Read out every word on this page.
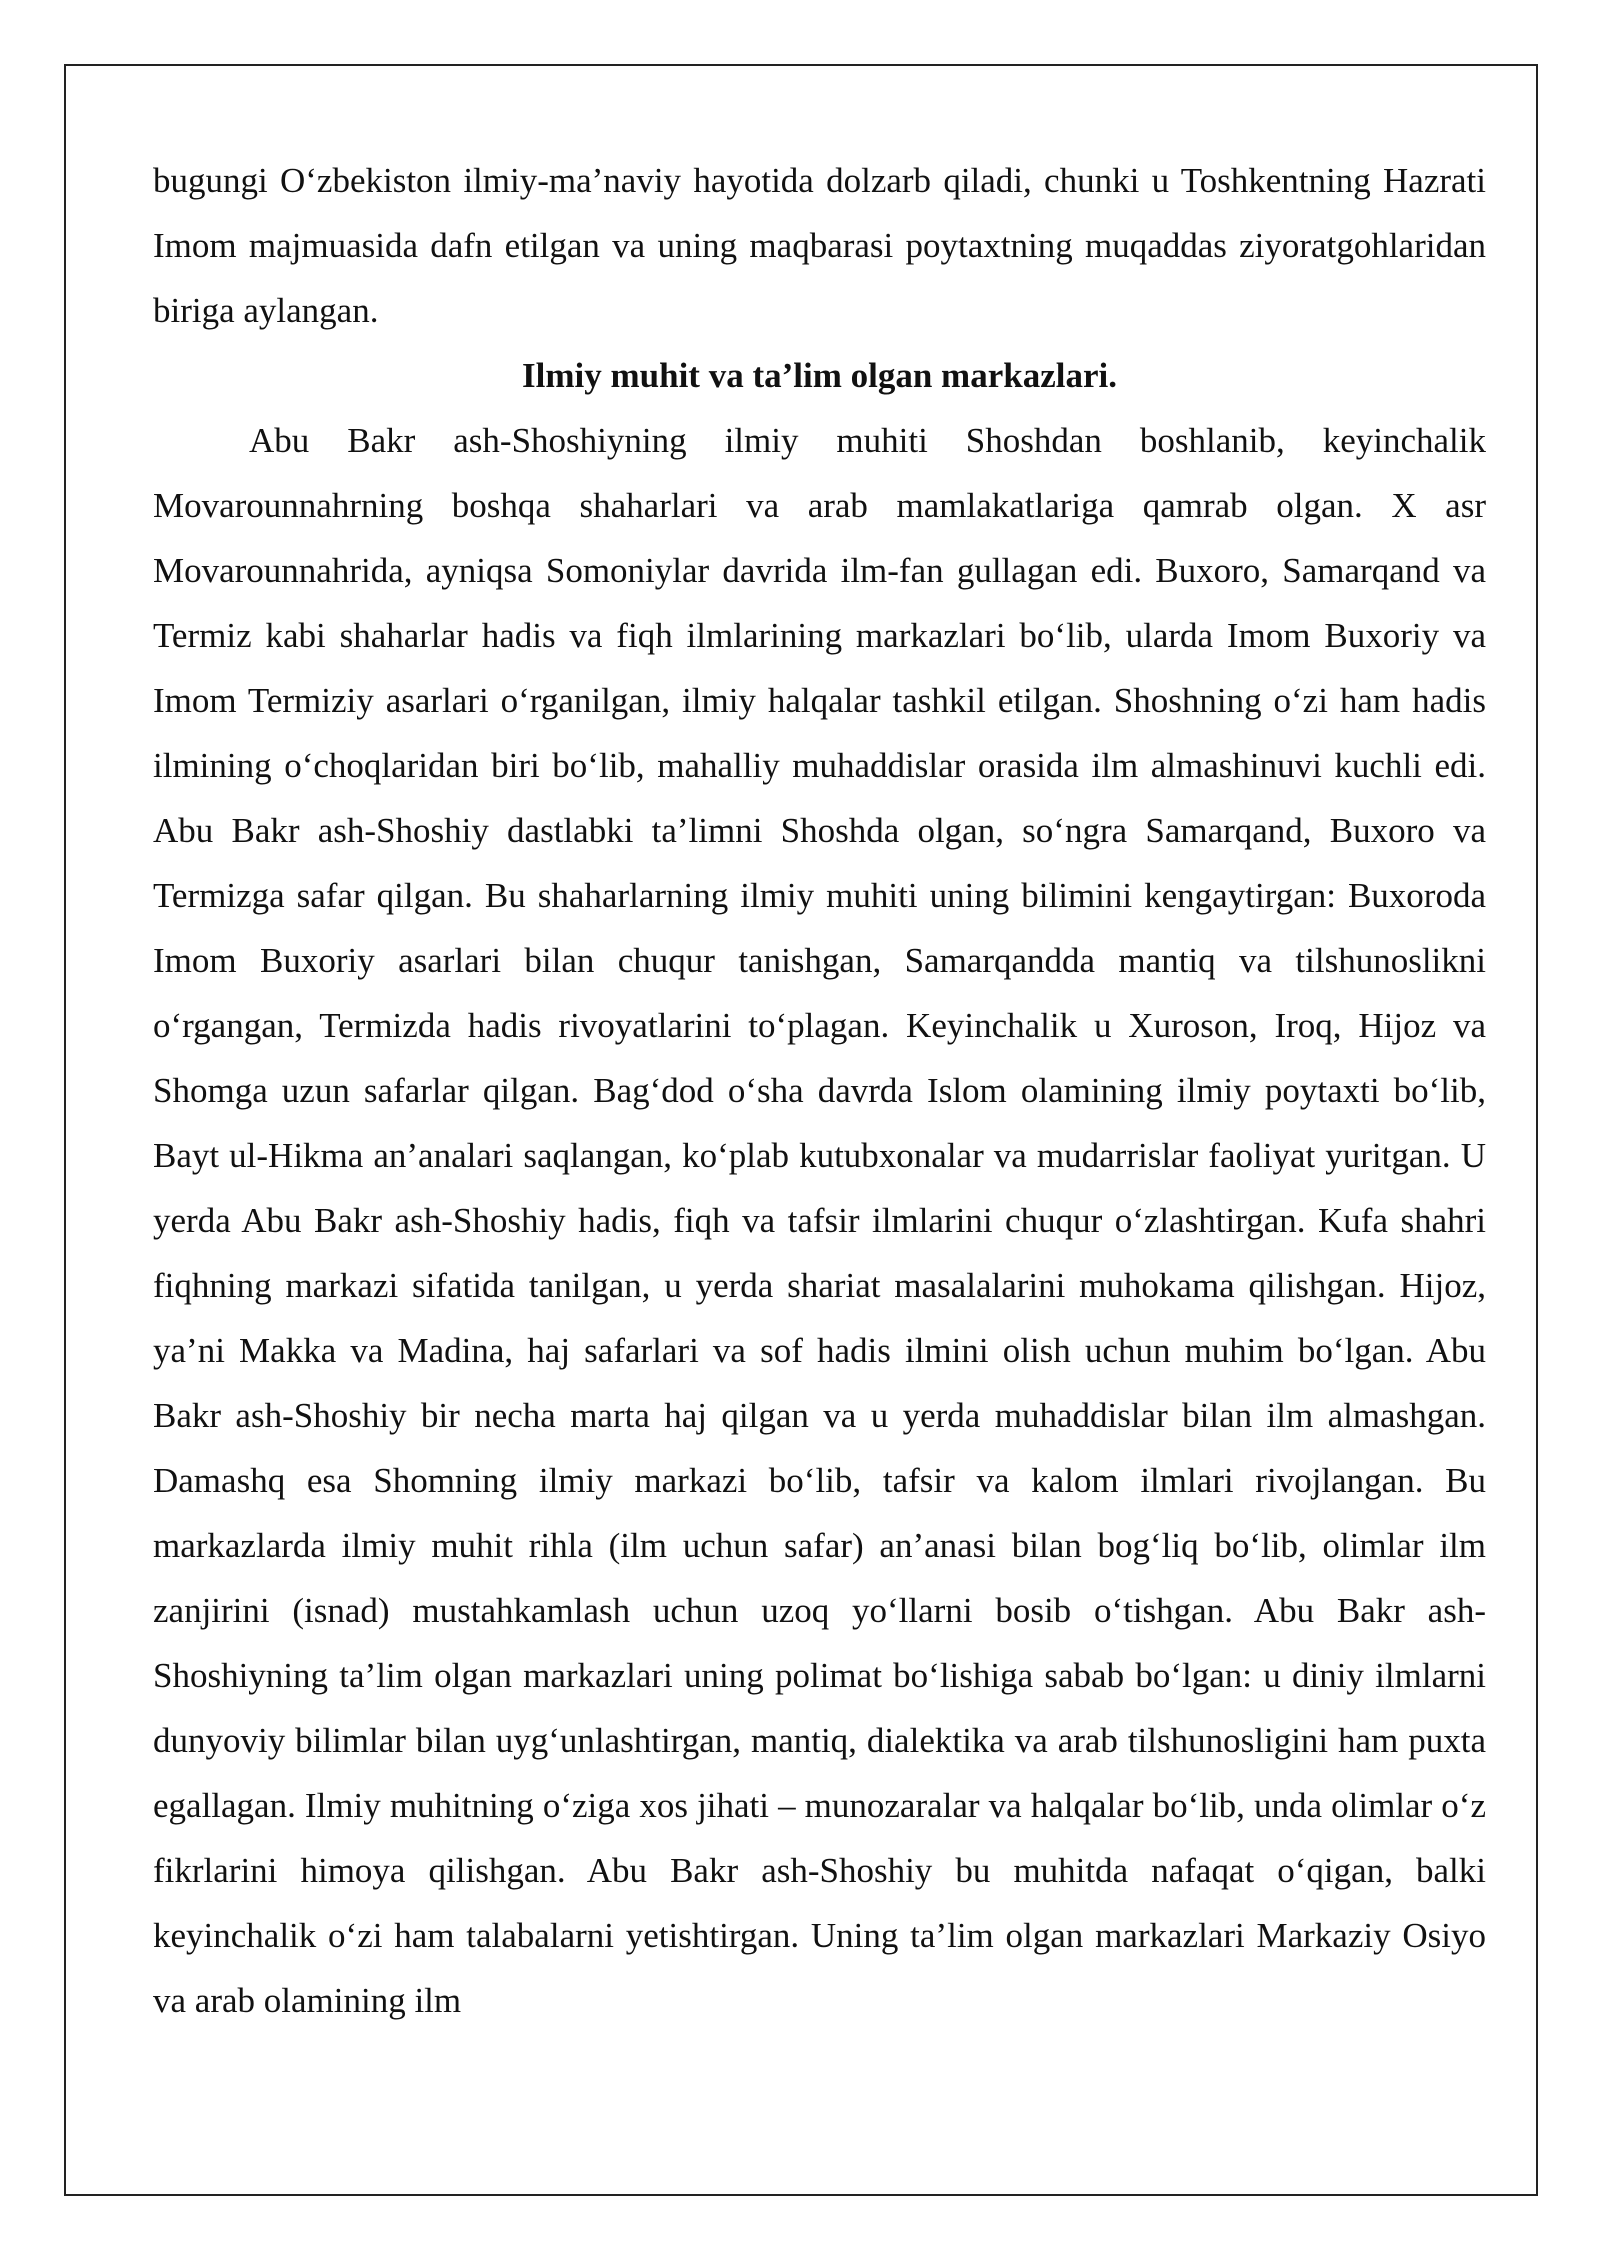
bugungi O‘zbekiston ilmiy-ma’naviy hayotida dolzarb qiladi, chunki u Toshkentning Hazrati Imom majmuasida dafn etilgan va uning maqbarasi poytaxtning muqaddas ziyoratgohlaridan biriga aylangan.

Ilmiy muhit va ta’lim olgan markazlari.

Abu Bakr ash-Shoshiyning ilmiy muhiti Shoshdan boshlanib, keyinchalik Movarounnahrning boshqa shaharlari va arab mamlakatlariga qamrab olgan. X asr Movarounnahrida, ayniqsa Somoniylar davrida ilm-fan gullagan edi. Buxoro, Samarqand va Termiz kabi shaharlar hadis va fiqh ilmlarining markazlari bo‘lib, ularda Imom Buxoriy va Imom Termiziy asarlari o‘rganilgan, ilmiy halqalar tashkil etilgan. Shoshning o‘zi ham hadis ilmining o‘choqlaridan biri bo‘lib, mahalliy muhaddislar orasida ilm almashinuvi kuchli edi. Abu Bakr ash-Shoshiy dastlabki ta’limni Shoshda olgan, so‘ngra Samarqand, Buxoro va Termizga safar qilgan. Bu shaharlarning ilmiy muhiti uning bilimini kengaytirgan: Buxoroda Imom Buxoriy asarlari bilan chuqur tanishgan, Samarqandda mantiq va tilshunoslikni o‘rgangan, Termizda hadis rivoyatlarini to‘plagan. Keyinchalik u Xuroson, Iroq, Hijoz va Shomga uzun safarlar qilgan. Bag‘dod o‘sha davrda Islom olamining ilmiy poytaxti bo‘lib, Bayt ul-Hikma an’analari saqlangan, ko‘plab kutubxonalar va mudarrislar faoliyat yuritgan. U yerda Abu Bakr ash-Shoshiy hadis, fiqh va tafsir ilmlarini chuqur o‘zlashtirgan. Kufa shahri fiqhning markazi sifatida tanilgan, u yerda shariat masalalarini muhokama qilishgan. Hijoz, ya’ni Makka va Madina, haj safarlari va sof hadis ilmini olish uchun muhim bo‘lgan. Abu Bakr ash-Shoshiy bir necha marta haj qilgan va u yerda muhaddislar bilan ilm almashgan. Damashq esa Shomning ilmiy markazi bo‘lib, tafsir va kalom ilmlari rivojlangan. Bu markazlarda ilmiy muhit rihla (ilm uchun safar) an’anasi bilan bog‘liq bo‘lib, olimlar ilm zanjirini (isnad) mustahkamlash uchun uzoq yo‘llarni bosib o‘tishgan. Abu Bakr ash-Shoshiyning ta’lim olgan markazlari uning polimat bo‘lishiga sabab bo‘lgan: u diniy ilmlarni dunyoviy bilimlar bilan uyg‘unlashtirgan, mantiq, dialektika va arab tilshunosligini ham puxta egallagan. Ilmiy muhitning o‘ziga xos jihati – munozaralar va halqalar bo‘lib, unda olimlar o‘z fikrlarini himoya qilishgan. Abu Bakr ash-Shoshiy bu muhitda nafaqat o‘qigan, balki keyinchalik o‘zi ham talabalarni yetishtirgan. Uning ta’lim olgan markazlari Markaziy Osiyo va arab olamining ilm
